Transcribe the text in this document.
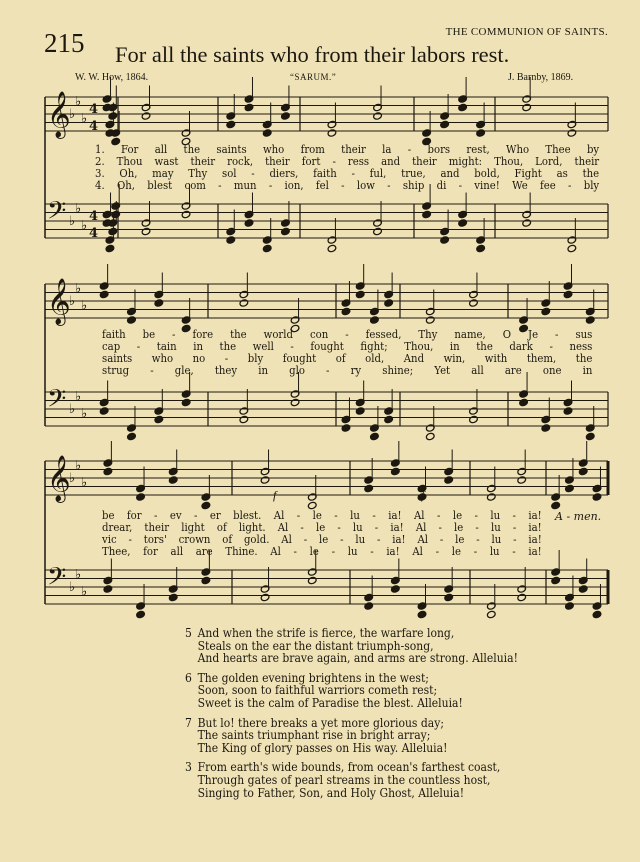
215	THE COMMUNION OF SAINTS.
For all the saints who from their labors rest.
W. W. How, 1864.	“SARUM.”	J. Barnby, 1869.
𝄞
♭
♭
♭
4
4
𝄢 ♭
♭
♭
4
4
𝄞
♭
♭
♭
𝄢 ♭
♭
♭
𝄞
♭
♭
♭
𝄢 ♭
♭
♭
1. For all the saints who from their la - bors rest, Who Thee by
2. Thou wast their rock, their fort - ress and their might: Thou, Lord, their
3. Oh, may Thy sol - diers, faith - ful, true, and bold, Fight as the
4. Oh, blest com - mun - ion, fel - low - ship di - vine! We fee - bly
faith be - fore the world con - fessed, Thy name, O Je - sus
cap - tain in the well - fought fight; Thou, in the dark - ness
saints who no - bly fought of old, And win, with them, the
strug - gle, they in glo - ry shine; Yet all are one in
be for - ev - er blest. Al - le - lu - ia! Al - le - lu - ia!
drear, their light of light. Al - le - lu - ia! Al - le - lu - ia!
vic - tors' crown of gold. Al - le - lu - ia! Al - le - lu - ia!
Thee, for all are Thine. Al - le - lu - ia! Al - le - lu - ia!
A - men.
f	f
5 And when the strife is fierce, the warfare long,
Steals on the ear the distant triumph-song,
And hearts are brave again, and arms are strong. Alleluia!
6 The golden evening brightens in the west;
Soon, soon to faithful warriors cometh rest;
Sweet is the calm of Paradise the blest. Alleluia!
7 But lo! there breaks a yet more glorious day;
The saints triumphant rise in bright array;
The King of glory passes on His way. Alleluia!
3 From earth's wide bounds, from ocean's farthest coast,
Through gates of pearl streams in the countless host,
Singing to Father, Son, and Holy Ghost, Alleluia!
